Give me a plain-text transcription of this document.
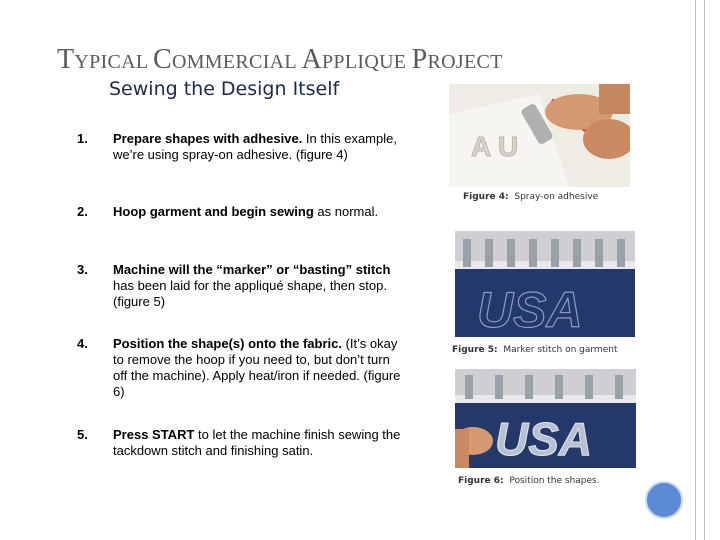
TYPICAL COMMERCIAL APPLIQUE PROJECT
Sewing the Design Itself
1. Prepare shapes with adhesive. In this example, we’re using spray-on adhesive. (figure 4)
2. Hoop garment and begin sewing as normal.
3. Machine will the “marker” or “basting” stitch has been laid for the appliqué shape, then stop. (figure 5)
4. Position the shape(s) onto the fabric. (It’s okay to remove the hoop if you need to, but don’t turn off the machine). Apply heat/iron if needed. (figure 6)
5. Press START to let the machine finish sewing the tackdown stitch and finishing satin.
A U
Figure 4: Spray-on adhesive
USA
Figure 5: Marker stitch on garment
USA
Figure 6: Position the shapes.
